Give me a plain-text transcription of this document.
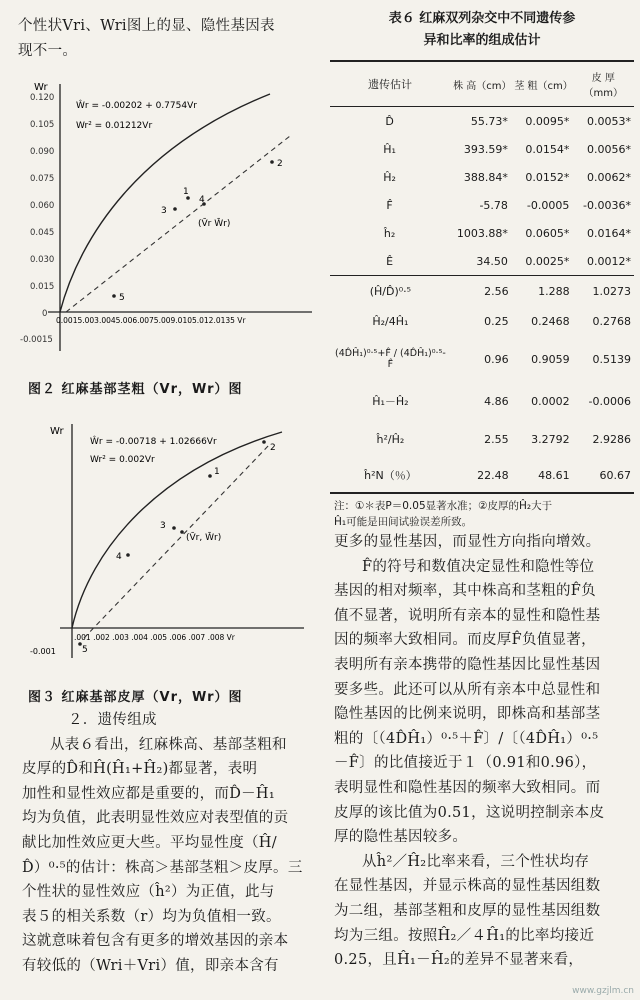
个性状Vri、Wri图上的显、隐性基因表
现不一。
Wr
0.120
0.105
0.090
0.075
0.060
0.045
0.030
0.015
0
-0.0015
0.0015.003.0045.006.0075.009.0105.012.0135 Vr
Ŵr = -0.00202 + 0.7754Vr
Wr² = 0.01212Vr
2
1
3
4
(V̄r W̄r)
5
图２ 红麻基部茎粗（Vr，Wr）图
Wr
.001 .002 .003 .004 .005 .006 .007 .008 Vr
-0.001
Ŵr = -0.00718 + 1.02666Vr
Wr² = 0.002Vr
2
1
3
(V̄r, W̄r)
4
5
图３ 红麻基部皮厚（Vr，Wr）图
２．遗传组成
从表６看出，红麻株高、基部茎粗和
皮厚的D̂和Ĥ(Ĥ₁+Ĥ₂)都显著，表明
加性和显性效应都是重要的，而D̂－Ĥ₁
均为负值，此表明显性效应对表型值的贡
献比加性效应更大些。平均显性度（Ĥ/
D̂）⁰·⁵的估计：株高＞基部茎粗＞皮厚。三
个性状的显性效应（ĥ²）为正值，此与
表５的相关系数（r）均为负值相一致。
这就意味着包含有更多的增效基因的亲本
有较低的（Wri＋Vri）值，即亲本含有
表６ 红麻双列杂交中不同遗传参
异和比率的组成估计
遗传估计	株 高（cm）	茎 粗（cm）	皮 厚（mm）
D̂	55.73*	0.0095*	0.0053*
Ĥ₁	393.59*	0.0154*	0.0056*
Ĥ₂	388.84*	0.0152*	0.0062*
F̂	-5.78	-0.0005	-0.0036*
ĥ₂	1003.88*	0.0605*	0.0164*
Ê	34.50	0.0025*	0.0012*
(Ĥ/D̂)⁰·⁵	2.56	1.288	1.0273
Ĥ₂/4Ĥ₁	0.25	0.2468	0.2768
(4D̂Ĥ₁)⁰·⁵+F̂ / (4D̂Ĥ₁)⁰·⁵-F̂	0.96	0.9059	0.5139
Ĥ₁－Ĥ₂	4.86	0.0002	-0.0006
ĥ²/Ĥ₂	2.55	3.2792	2.9286
ĥ²N（％）	22.48	48.61	60.67
注：①＊表P＝0.05显著水准；②皮厚的Ĥ₂大于
Ĥ₁可能是田间试验误差所致。
更多的显性基因，而显性方向指向增效。
F̂的符号和数值决定显性和隐性等位
基因的相对频率，其中株高和茎粗的F̂负
值不显著，说明所有亲本的显性和隐性基
因的频率大致相同。而皮厚F̂负值显著，
表明所有亲本携带的隐性基因比显性基因
要多些。此还可以从所有亲本中总显性和
隐性基因的比例来说明，即株高和基部茎
粗的〔（4D̂Ĥ₁）⁰·⁵＋F̂〕/〔（4D̂Ĥ₁）⁰·⁵
－F̂〕的比值接近于１（0.91和0.96），
表明显性和隐性基因的频率大致相同。而
皮厚的该比值为0.51，这说明控制亲本皮
厚的隐性基因较多。
从ĥ²／Ĥ₂比率来看，三个性状均存
在显性基因，并显示株高的显性基因组数
为二组，基部茎粗和皮厚的显性基因组数
均为三组。按照Ĥ₂／４Ĥ₁的比率均接近
0.25，且Ĥ₁－Ĥ₂的差异不显著来看，
www.gzjlm.cn
